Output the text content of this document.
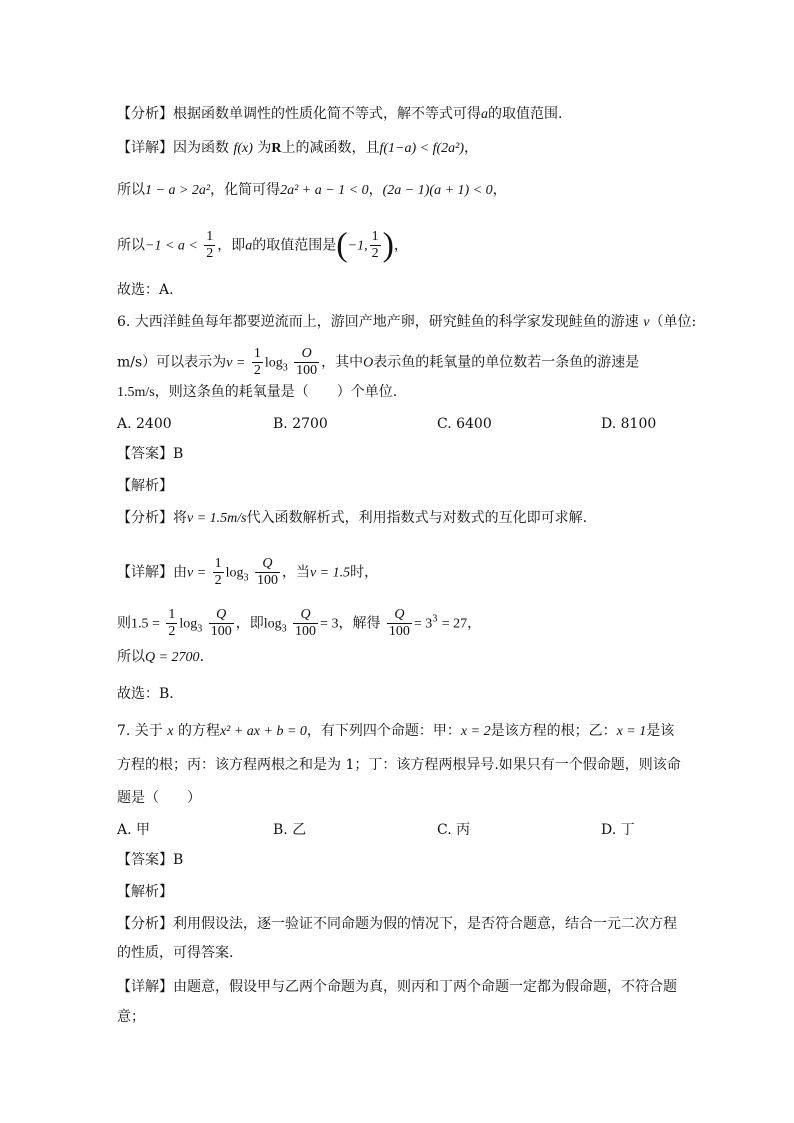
【分析】根据函数单调性的性质化简不等式，解不等式可得a的取值范围.
【详解】因为函数 f(x) 为R上的减函数，且f(1−a) < f(2a²)，
所以1 − a > 2a²，化简可得2a² + a − 1 < 0，(2a − 1)(a + 1) < 0，
所以$-1 < a < \frac{1}{2}$ ，即a的取值范围是(−1, $\frac{1}{2}$ )，
故选：A.
6. 大西洋鲑鱼每年都要逆流而上，游回产地产卵，研究鲑鱼的科学家发现鲑鱼的游速 v（单位:
m/s）可以表示为$v = \frac{1}{2} \log_3 \frac{O}{100}$ ，其中O表示鱼的耗氧量的单位数若一条鱼的游速是
1.5m/s，则这条鱼的耗氧量是（　　）个单位.
A. 2400	B. 2700	C. 6400	D. 8100
【答案】B
【解析】
【分析】将v = 1.5m/s代入函数解析式，利用指数式与对数式的互化即可求解.
【详解】由$v = \frac{1}{2} \log_3 \frac{Q}{100}$ ，当v = 1.5时，
则$1.5 = \frac{1}{2} \log_3 \frac{Q}{100}$ ，即$\log_3 \frac{Q}{100} = 3$，解得 $\frac{Q}{100} = 3^3 = 27$，
所以Q = 2700.
故选：B.
7. 关于 x 的方程x² + ax + b = 0，有下列四个命题：甲：x = 2是该方程的根；乙：x = 1是该
方程的根；丙：该方程两根之和是为 1；丁：该方程两根异号.如果只有一个假命题，则该命
题是（　　）
A. 甲	B. 乙	C. 丙	D. 丁
【答案】B
【解析】
【分析】利用假设法，逐一验证不同命题为假的情况下，是否符合题意，结合一元二次方程
的性质，可得答案.
【详解】由题意，假设甲与乙两个命题为真，则丙和丁两个命题一定都为假命题，不符合题
意；
